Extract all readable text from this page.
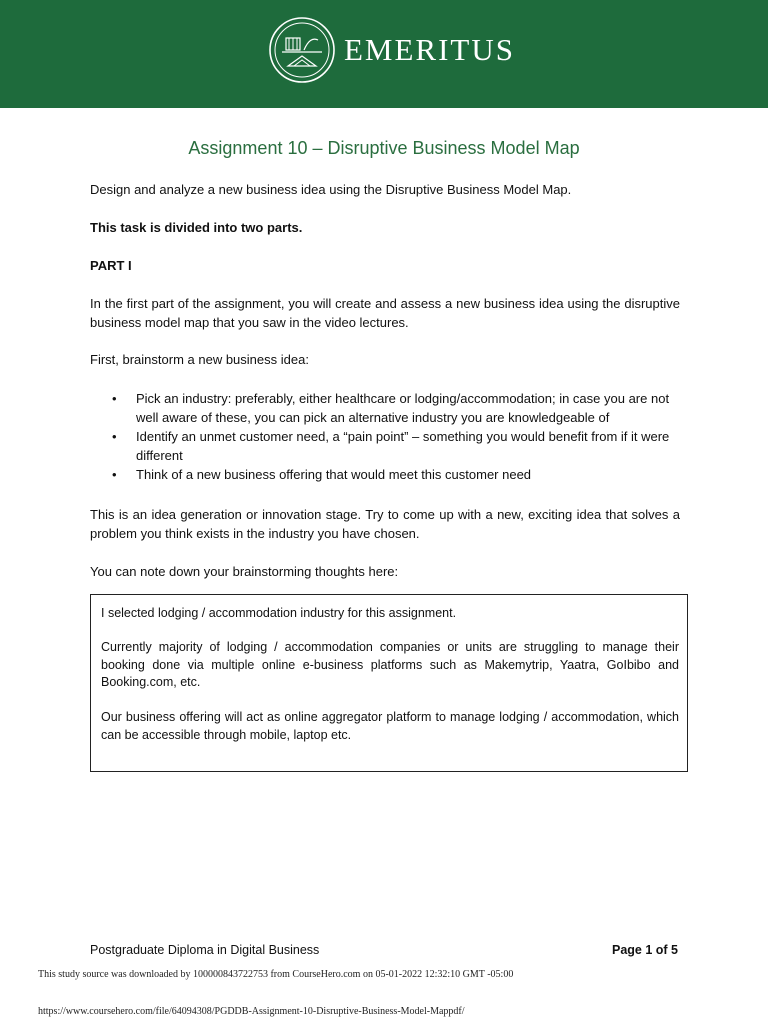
EMERITUS
Assignment 10 – Disruptive Business Model Map

Design and analyze a new business idea using the Disruptive Business Model Map.

This task is divided into two parts.

PART I

In the first part of the assignment, you will create and assess a new business idea using the disruptive business model map that you saw in the video lectures.

First, brainstorm a new business idea:

• Pick an industry: preferably, either healthcare or lodging/accommodation; in case you are not well aware of these, you can pick an alternative industry you are knowledgeable of
• Identify an unmet customer need, a “pain point” – something you would benefit from if it were different
• Think of a new business offering that would meet this customer need

This is an idea generation or innovation stage. Try to come up with a new, exciting idea that solves a problem you think exists in the industry you have chosen.

You can note down your brainstorming thoughts here:

I selected lodging / accommodation industry for this assignment.

Currently majority of lodging / accommodation companies or units are struggling to manage their booking done via multiple online e-business platforms such as Makemytrip, Yaatra, GoIbibo and Booking.com, etc.

Our business offering will act as online aggregator platform to manage lodging / accommodation, which can be accessible through mobile, laptop etc.

Postgraduate Diploma in Digital Business	Page 1 of 5
This study source was downloaded by 100000843722753 from CourseHero.com on 05-01-2022 12:32:10 GMT -05:00
https://www.coursehero.com/file/64094308/PGDDB-Assignment-10-Disruptive-Business-Model-Mappdf/
